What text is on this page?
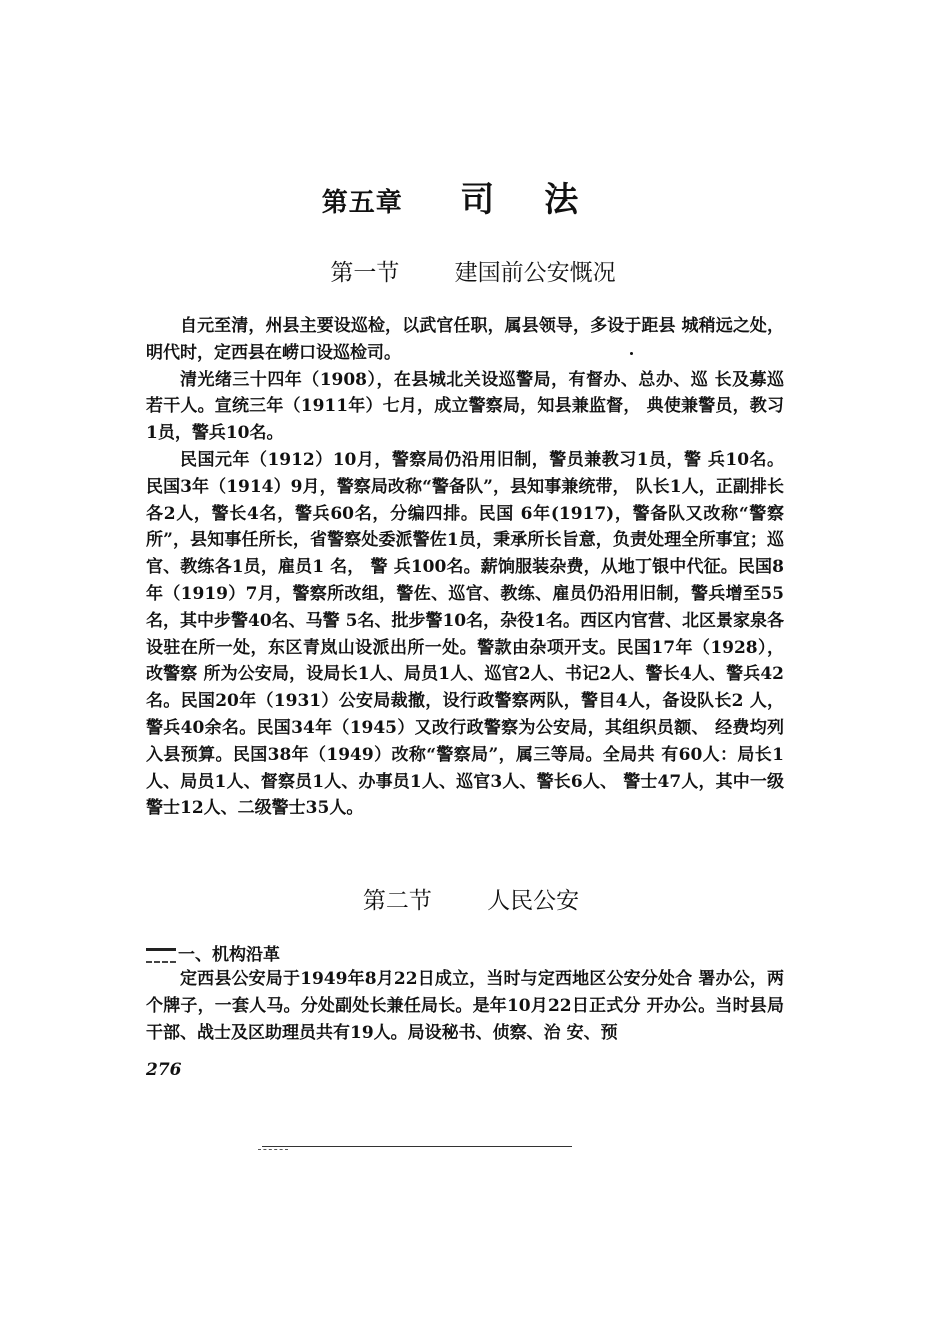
第五章 司法
第一节 建国前公安慨况

自元至清，州县主要设巡检，以武官任职，属县领导，多设于距县 城稍远之处，明代时，定西县在崂口设巡检司。

清光绪三十四年（1908），在县城北关设巡警局，有督办、总办、巡 长及募巡若干人。宣统三年（1911年）七月，成立警察局，知县兼监督， 典使兼警员，教习1员，警兵10名。

民国元年（1912）10月，警察局仍沿用旧制，警员兼教习1员，警 兵10名。民国3年（1914）9月，警察局改称“警备队”，县知事兼统带， 队长1人，正副排长各2人，警长4名，警兵60名，分编四排。民国 6年(1917)，警备队又改称“警察所”，县知事任所长，省警察处委派警佐1员，秉承所长旨意，负责处理全所事宜；巡官、教练各1员，雇员1 名， 警 兵100名。薪饷服装杂费，从地丁银中代征。民国8年（1919）7月，警察所改组，警佐、巡官、教练、雇员仍沿用旧制，警兵增至55名，其中步警40名、马警 5名、批步警10名，杂役1名。西区内官营、北区景家泉各设驻在所一处，东区青岚山设派出所一处。警款由杂项开支。民国17年（1928），改警察 所为公安局，设局长1人、局员1人、巡官2人、书记2人、警长4人、警兵42 名。民国20年（1931）公安局裁撤，设行政警察两队，警目4人，备设队长2 人，警兵40余名。民国34年（1945）又改行政警察为公安局，其组织员额、 经费均列入县预算。民国38年（1949）改称“警察局”，属三等局。全局共 有60人：局长1人、局员1人、督察员1人、办事员1人、巡官3人、警长6人、 警士47人，其中一级警士12人、二级警士35人。

第二节 人民公安
一、机构沿革

定西县公安局于1949年8月22日成立，当时与定西地区公安分处合 署办公，两个牌子，一套人马。分处副处长兼任局长。是年10月22日正式分 开办公。当时县局干部、战士及区助理员共有19人。局设秘书、侦察、治 安、预

276
